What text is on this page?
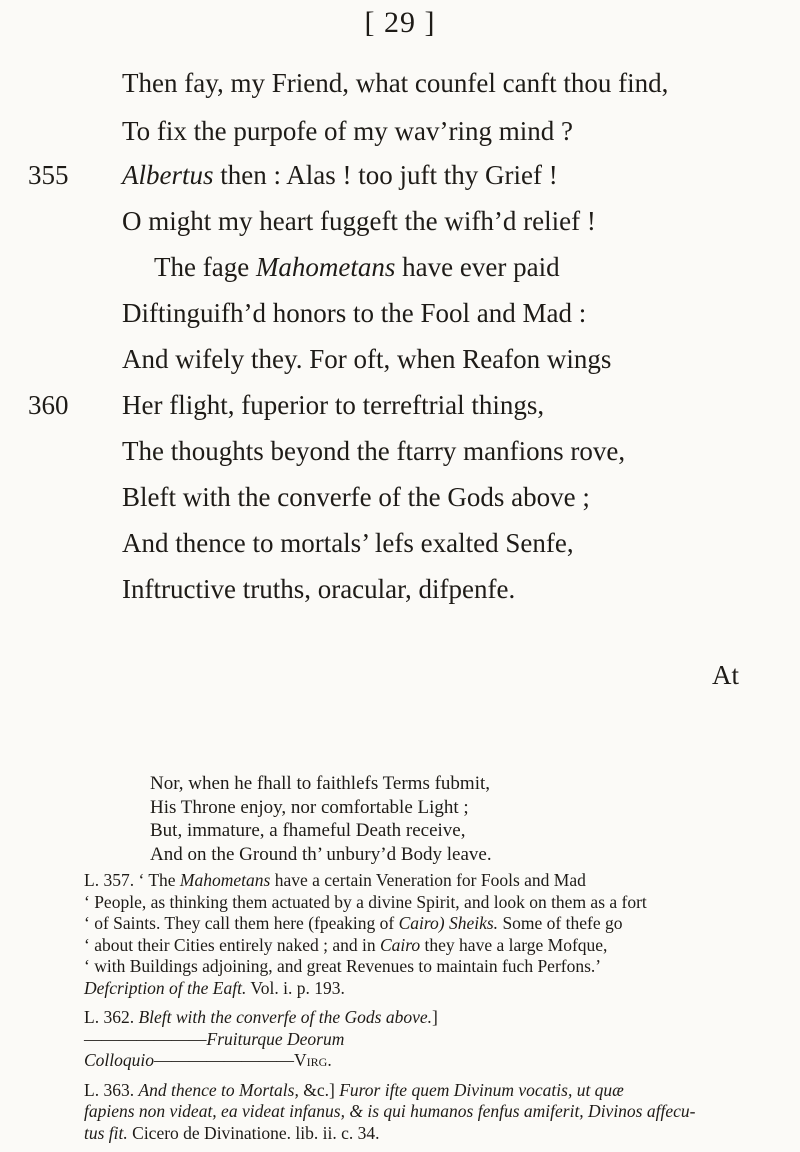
[ 29 ]
Then fay, my Friend, what counfel canft thou find,
To fix the purpofe of my wav’ring mind ?
355	Albertus then : Alas ! too juft thy Grief !
O might my heart fuggeft the wifh’d relief !
The fage Mahometans have ever paid
Diftinguifh’d honors to the Fool and Mad :
And wifely they. For oft, when Reafon wings
360	Her flight, fuperior to terreftrial things,
The thoughts beyond the ftarry manfions rove,
Bleft with the converfe of the Gods above ;
And thence to mortals’ lefs exalted Senfe,
Inftructive truths, oracular, difpenfe.
At
Nor, when he fhall to faithlefs Terms fubmit,
His Throne enjoy, nor comfortable Light ;
But, immature, a fhameful Death receive,
And on the Ground th’ unbury’d Body leave.
L. 357. ‘ The Mahometans have a certain Veneration for Fools and Mad
‘ People, as thinking them actuated by a divine Spirit, and look on them as a fort
‘ of Saints. They call them here (fpeaking of Cairo) Sheiks. Some of thefe go
‘ about their Cities entirely naked ; and in Cairo they have a large Mofque,
‘ with Buildings adjoining, and great Revenues to maintain fuch Perfons.’
Defcription of the Eaft. Vol. i. p. 193.
L. 362. Bleft with the converfe of the Gods above.]
———————Fruiturque Deorum
Colloquio————————Virg.
L. 363. And thence to Mortals, &c.] Furor ifte quem Divinum vocatis, ut quæ
fapiens non videat, ea videat infanus, & is qui humanos fenfus amiferit, Divinos affecu-
tus fit. Cicero de Divinatione. lib. ii. c. 34.
